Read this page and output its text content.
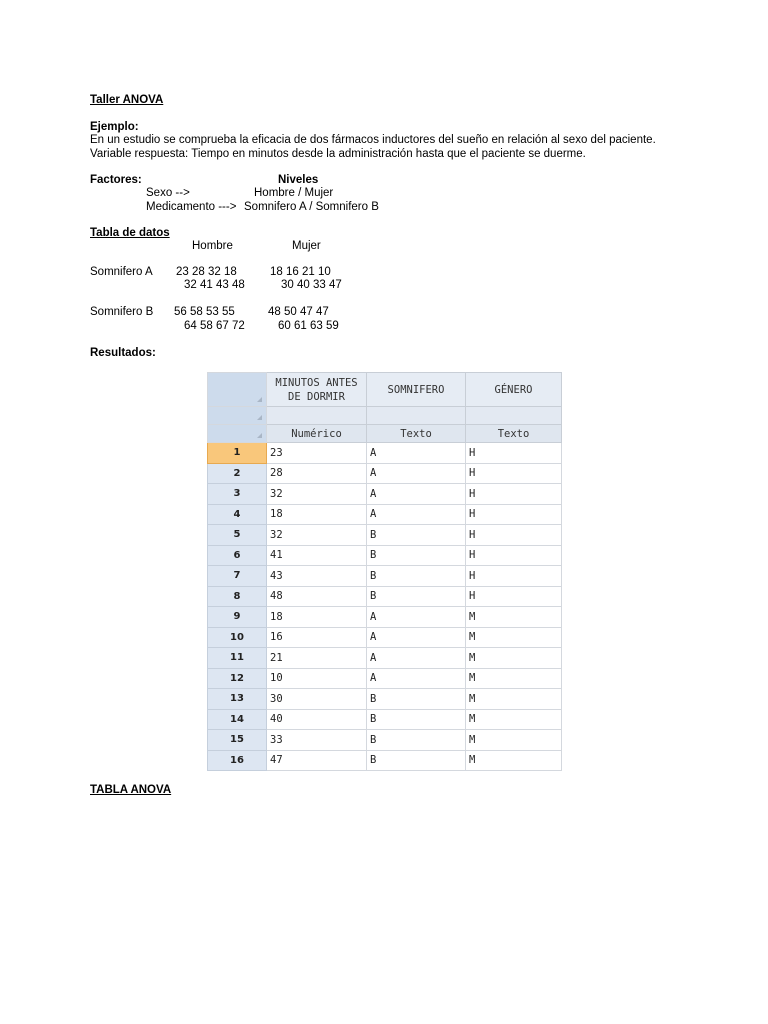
Taller ANOVA
Ejemplo:
En un estudio se comprueba la eficacia de dos fármacos inductores del sueño en relación al sexo del paciente.
Variable respuesta: Tiempo en minutos desde la administración hasta que el paciente se duerme.
Factores:	Niveles
Sexo -->	Hombre / Mujer
Medicamento ---> Somnifero A / Somnifero B
Tabla de datos
Hombre	Mujer
Somnifero A 23 28 32 18	18 16 21 10
32 41 43 48	30 40 33 47
Somnifero B 56 58 53 55	48 50 47 47
64 58 67 72	60 61 63 59
Resultados:
	MINUTOS ANTES
DE DORMIR	SOMNIFERO	GÉNERO

	Numérico	Texto	Texto
1	23	A	H
2	28	A	H
3	32	A	H
4	18	A	H
5	32	B	H
6	41	B	H
7	43	B	H
8	48	B	H
9	18	A	M
10	16	A	M
11	21	A	M
12	10	A	M
13	30	B	M
14	40	B	M
15	33	B	M
16	47	B	M
TABLA ANOVA
